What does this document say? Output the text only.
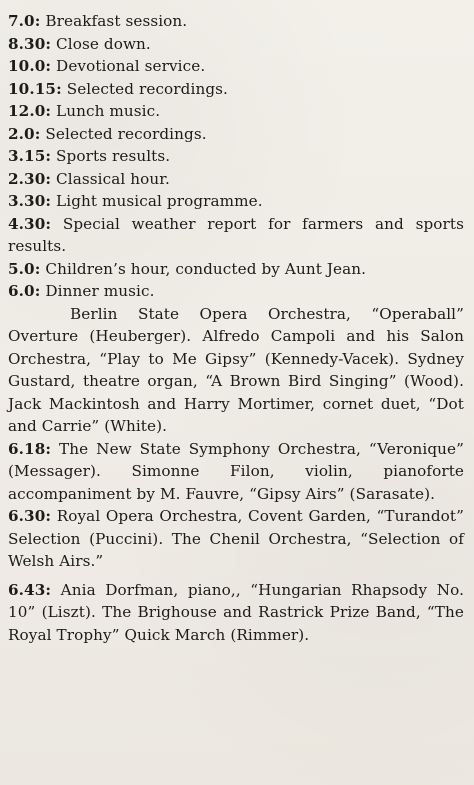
7.0: Breakfast session.

8.30: Close down.

10.0: Devotional service.

10.15: Selected recordings.

12.0: Lunch music.

2.0: Selected recordings.

3.15: Sports results.

2.30: Classical hour.

3.30: Light musical programme.

4.30: Special weather report for farmers and sports results.

5.0: Children’s hour, conducted by Aunt Jean.

6.0: Dinner music.

Berlin State Opera Orchestra, “Operaball” Overture (Heuberger). Alfredo Campoli and his Salon Orchestra, “Play to Me Gipsy” (Kennedy-Vacek). Sydney Gustard, theatre organ, “A Brown Bird Singing” (Wood). Jack Mackintosh and Harry Mortimer, cornet duet, “Dot and Carrie” (White).

6.18: The New State Symphony Orchestra, “Veronique” (Messager). Simonne Filon, violin, pianoforte accompaniment by M. Fauvre, “Gipsy Airs” (Sarasate).

6.30: Royal Opera Orchestra, Covent Garden, “Turandot” Selection (Puccini). The Chenil Orchestra, “Selection of Welsh Airs.”

6.43: Ania Dorfman, piano,, “Hungarian Rhapsody No. 10” (Liszt). The Brighouse and Rastrick Prize Band, “The Royal Trophy” Quick March (Rimmer).
